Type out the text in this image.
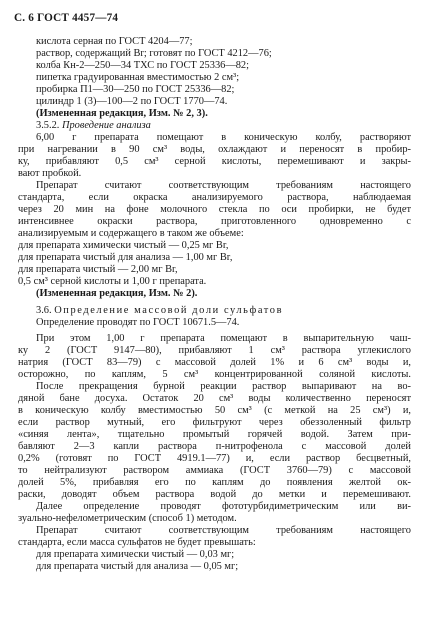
С. 6 ГОСТ 4457—74
кислота серная по ГОСТ 4204—77;
раствор, содержащий Br; готовят по ГОСТ 4212—76;
колба Кн-2—250—34 ТХС по ГОСТ 25336—82;
пипетка градуированная вместимостью 2 см³;
пробирка П1—30—250 по ГОСТ 25336—82;
цилиндр 1 (3)—100—2 по ГОСТ 1770—74.
(Измененная редакция, Изм. № 2, 3).
3.5.2. Проведение анализа
6,00 г препарата помещают в коническую колбу, растворяют
при нагревании в 90 см³ воды, охлаждают и переносят в пробир-
ку, прибавляют 0,5 см³ серной кислоты, перемешивают и закры-
вают пробкой.
Препарат считают соответствующим требованиям настоящего
стандарта, если окраска анализируемого раствора, наблюдаемая
через 20 мин на фоне молочного стекла по оси пробирки, не будет
интенсивнее окраски раствора, приготовленного одновременно с
анализируемым и содержащего в таком же объеме:
для препарата химически чистый — 0,25 мг Br,
для препарата чистый для анализа — 1,00 мг Br,
для препарата чистый — 2,00 мг Br,
0,5 см³ серной кислоты и 1,00 г препарата.
(Измененная редакция, Изм. № 2).
3.6. Определение массовой доли сульфатов
Определение проводят по ГОСТ 10671.5—74.
При этом 1,00 г препарата помещают в выпарительную чаш-
ку 2 (ГОСТ 9147—80), прибавляют 1 см³ раствора углекислого
натрия (ГОСТ 83—79) с массовой долей 1% и 6 см³ воды и,
осторожно, по каплям, 5 см³ концентрированной соляной кислоты.
После прекращения бурной реакции раствор выпаривают на во-
дяной бане досуха. Остаток 20 см³ воды количественно переносят
в коническую колбу вместимостью 50 см³ (с меткой на 25 см³) и,
если раствор мутный, его фильтруют через обеззоленный фильтр
«синяя лента», тщательно промытый горячей водой. Затем при-
бавляют 2—3 капли раствора п-нитрофенола с массовой долей
0,2% (готовят по ГОСТ 4919.1—77) и, если раствор бесцветный,
то нейтрализуют раствором аммиака (ГОСТ 3760—79) с массовой
долей 5%, прибавляя его по каплям до появления желтой ок-
раски, доводят объем раствора водой до метки и перемешивают.
Далее определение проводят фототурбидиметрическим или ви-
зуально-нефелометрическим (способ 1) методом.
Препарат считают соответствующим требованиям настоящего
стандарта, если масса сульфатов не будет превышать:
для препарата химически чистый — 0,03 мг;
для препарата чистый для анализа — 0,05 мг;
